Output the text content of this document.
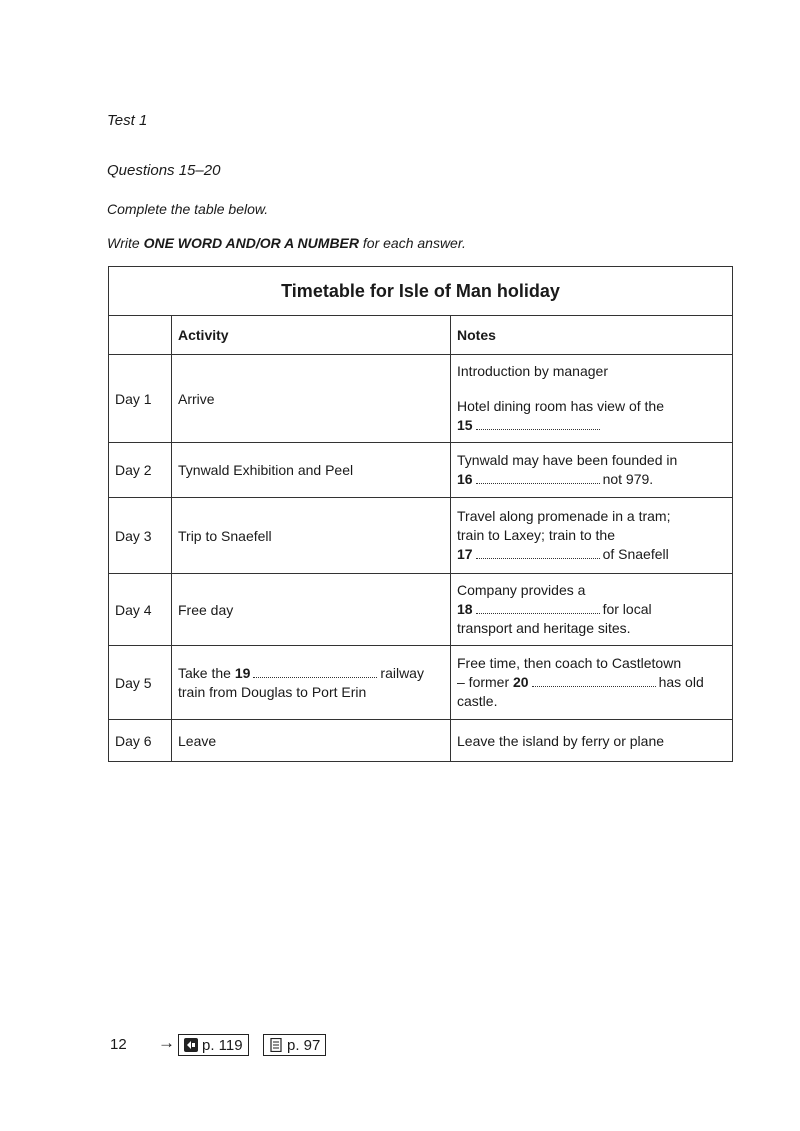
Test 1
Questions 15–20
Complete the table below.
Write ONE WORD AND/OR A NUMBER for each answer.
Timetable for Isle of Man holiday		
	Activity	Notes
Day 1	Arrive	Introduction by manager
Hotel dining room has view of the
15
Day 2	Tynwald Exhibition and Peel	Tynwald may have been founded in
16 not 979.
Day 3	Trip to Snaefell	Travel along promenade in a tram;
train to Laxey; train to the
17 of Snaefell
Day 4	Free day	Company provides a
18 for local
transport and heritage sites.
Day 5	Take the 19 railway
train from Douglas to Port Erin	Free time, then coach to Castletown
– former 20 has old
castle.
Day 6	Leave	Leave the island by ferry or plane
12 → p. 119	p. 97
